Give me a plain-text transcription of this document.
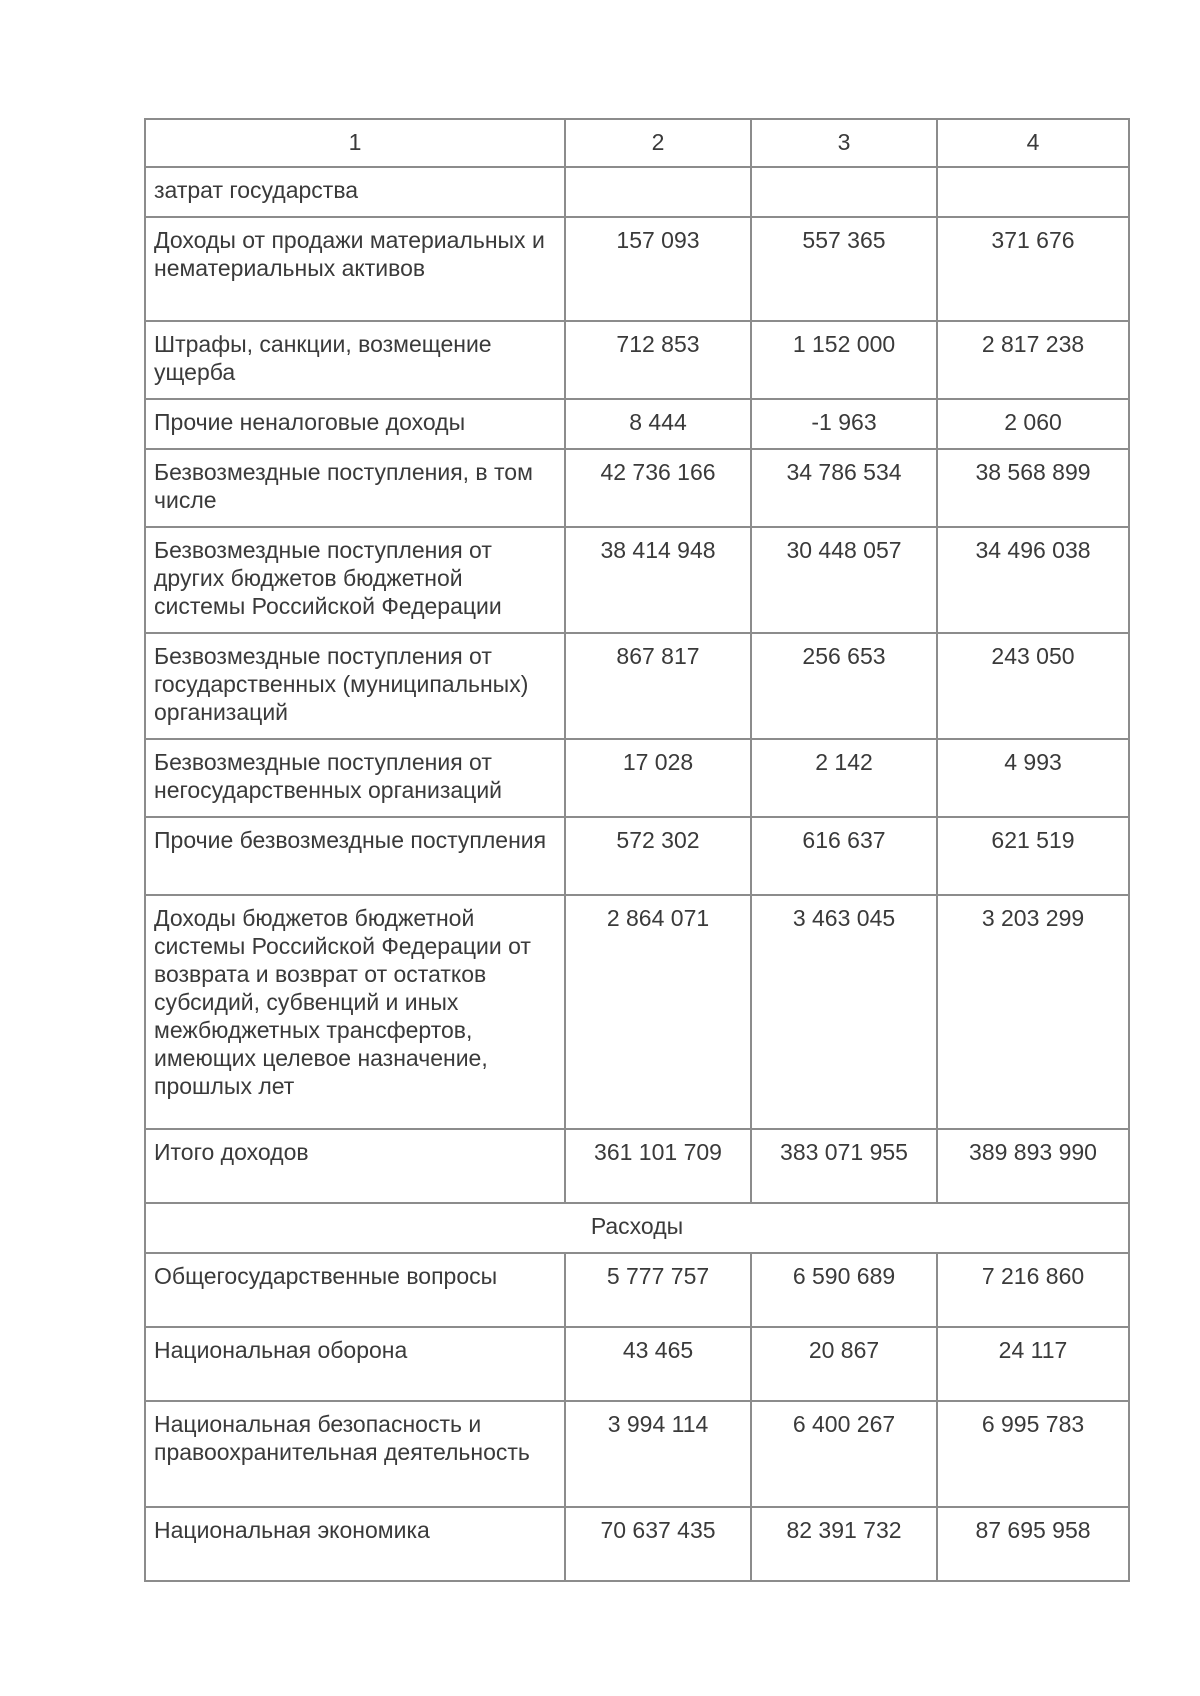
1	2	3	4
затрат государства			
Доходы от продажи материальных и нематериальных активов	157 093	557 365	371 676
Штрафы, санкции, возмещение ущерба	712 853	1 152 000	2 817 238
Прочие неналоговые доходы	8 444	-1 963	2 060
Безвозмездные поступления, в том числе	42 736 166	34 786 534	38 568 899
Безвозмездные поступления от других бюджетов бюджетной системы Российской Федерации	38 414 948	30 448 057	34 496 038
Безвозмездные поступления от государственных (муниципальных) организаций	867 817	256 653	243 050
Безвозмездные поступления от негосударственных организаций	17 028	2 142	4 993
Прочие безвозмездные поступления	572 302	616 637	621 519
Доходы бюджетов бюджетной системы Российской Федерации от возврата и возврат от остатков субсидий, субвенций и иных межбюджетных трансфертов, имеющих целевое назначение, прошлых лет	2 864 071	3 463 045	3 203 299
Итого доходов	361 101 709	383 071 955	389 893 990
Расходы			
Общегосударственные вопросы	5 777 757	6 590 689	7 216 860
Национальная оборона	43 465	20 867	24 117
Национальная безопасность и правоохранительная деятельность	3 994 114	6 400 267	6 995 783
Национальная экономика	70 637 435	82 391 732	87 695 958
